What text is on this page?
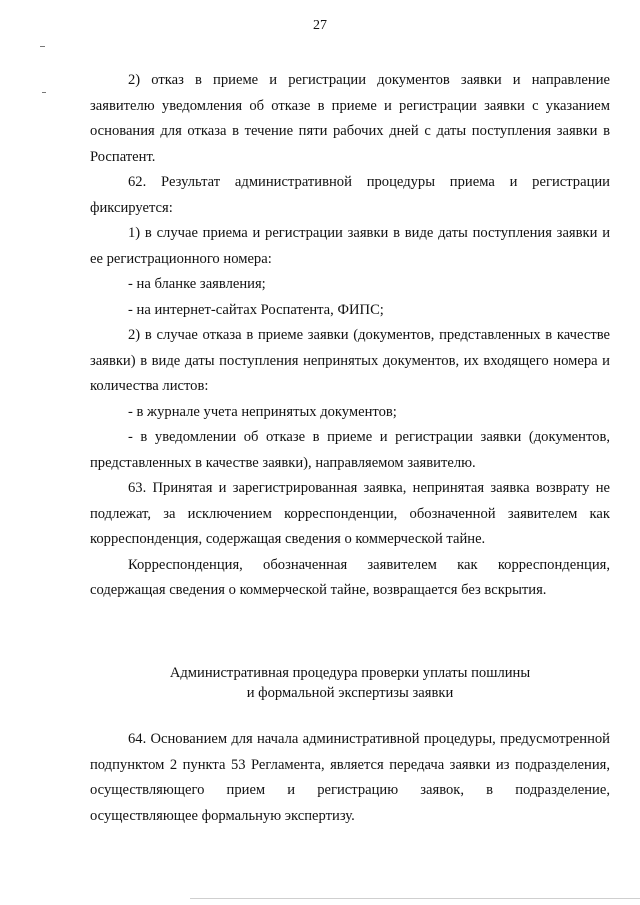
27

2) отказ в приеме и регистрации документов заявки и направление заявителю уведомления об отказе в приеме и регистрации заявки с указанием основания для отказа в течение пяти рабочих дней с даты поступления заявки в Роспатент.

62. Результат административной процедуры приема и регистрации фиксируется:

1) в случае приема и регистрации заявки в виде даты поступления заявки и ее регистрационного номера:

- на бланке заявления;

- на интернет-сайтах Роспатента, ФИПС;

2) в случае отказа в приеме заявки (документов, представленных в качестве заявки) в виде даты поступления непринятых документов, их входящего номера и количества листов:

- в журнале учета непринятых документов;

- в уведомлении об отказе в приеме и регистрации заявки (документов, представленных в качестве заявки), направляемом заявителю.

63. Принятая и зарегистрированная заявка, непринятая заявка возврату не подлежат, за исключением корреспонденции, обозначенной заявителем как корреспонденция, содержащая сведения о коммерческой тайне.

Корреспонденция, обозначенная заявителем как корреспонденция, содержащая сведения о коммерческой тайне, возвращается без вскрытия.

Административная процедура проверки уплаты пошлины
и формальной экспертизы заявки

64. Основанием для начала административной процедуры, предусмотренной подпунктом 2 пункта 53 Регламента, является передача заявки из подразделения, осуществляющего прием и регистрацию заявок, в подразделение, осуществляющее формальную экспертизу.
